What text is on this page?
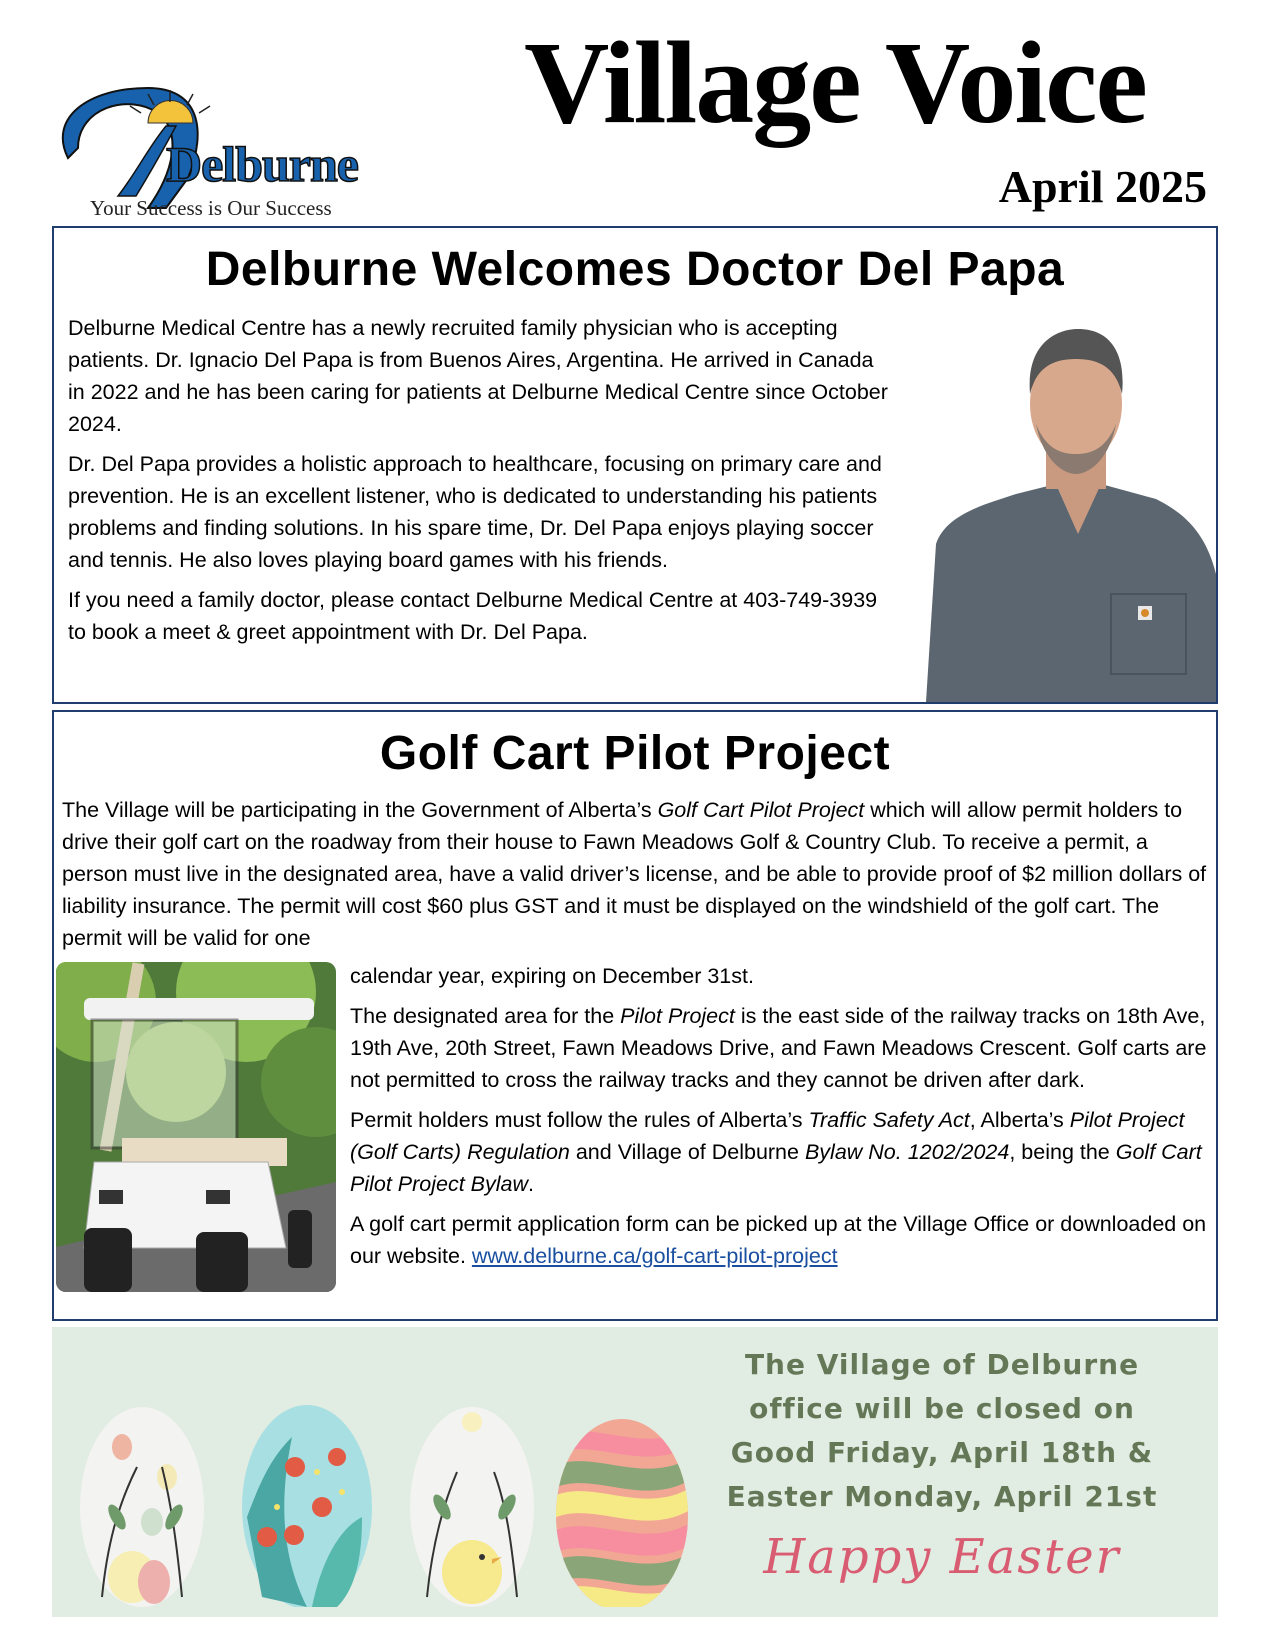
Delburne
Your Success is Our Success
Village Voice
April 2025
Delburne Welcomes Doctor Del Papa

Delburne Medical Centre has a newly recruited family physician who is accepting patients. Dr. Ignacio Del Papa is from Buenos Aires, Argentina. He arrived in Canada in 2022 and he has been caring for patients at Delburne Medical Centre since October 2024.

Dr. Del Papa provides a holistic approach to healthcare, focusing on primary care and prevention. He is an excellent listener, who is dedicated to understanding his patients problems and finding solutions. In his spare time, Dr. Del Papa enjoys playing soccer and tennis. He also loves playing board games with his friends.

If you need a family doctor, please contact Delburne Medical Centre at 403-749-3939 to book a meet & greet appointment with Dr. Del Papa.

Golf Cart Pilot Project

The Village will be participating in the Government of Alberta’s Golf Cart Pilot Project which will allow permit holders to drive their golf cart on the roadway from their house to Fawn Meadows Golf & Country Club. To receive a permit, a person must live in the designated area, have a valid driver’s license, and be able to provide proof of $2 million dollars of liability insurance. The permit will cost $60 plus GST and it must be displayed on the windshield of the golf cart. The permit will be valid for one

calendar year, expiring on December 31st.

The designated area for the Pilot Project is the east side of the railway tracks on 18th Ave, 19th Ave, 20th Street, Fawn Meadows Drive, and Fawn Meadows Crescent. Golf carts are not permitted to cross the railway tracks and they cannot be driven after dark.

Permit holders must follow the rules of Alberta’s Traffic Safety Act, Alberta’s Pilot Project (Golf Carts) Regulation and Village of Delburne Bylaw No. 1202/2024, being the Golf Cart Pilot Project Bylaw.

A golf cart permit application form can be picked up at the Village Office or downloaded on our website. www.delburne.ca/golf-cart-pilot-project

The Village of Delburne
office will be closed on
Good Friday, April 18th &
Easter Monday, April 21st
Happy Easter
